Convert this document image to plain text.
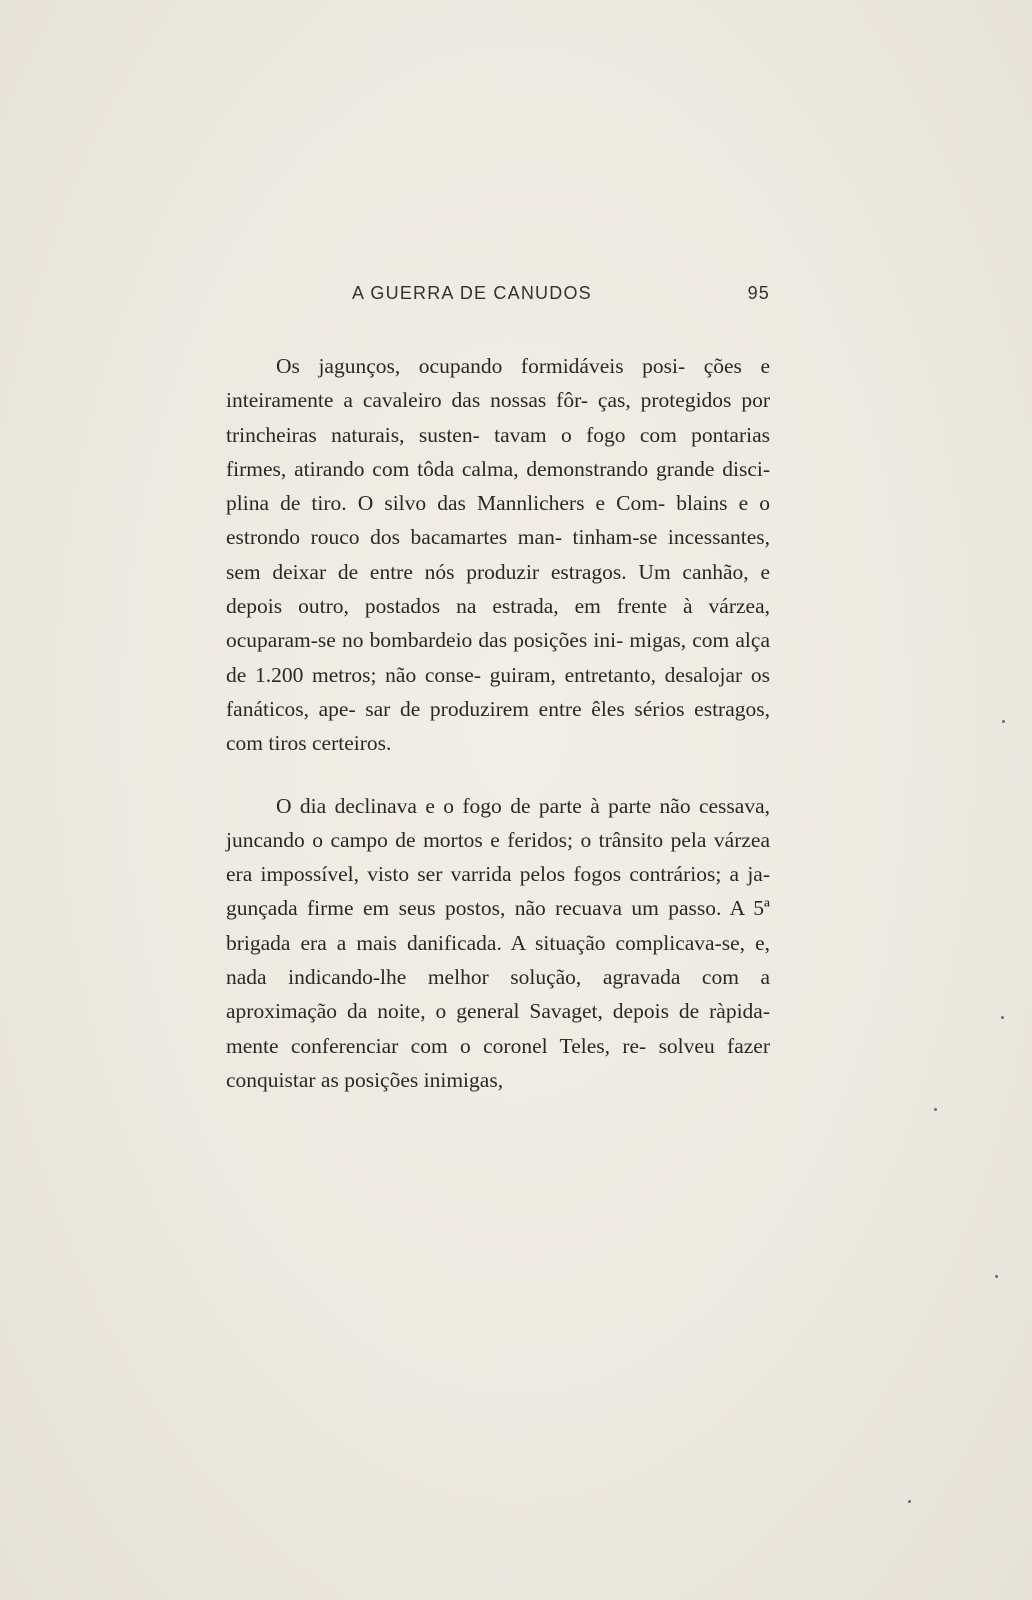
A GUERRA DE CANUDOS	95

Os jagunços, ocupando formidáveis posi- ções e inteiramente a cavaleiro das nossas fôr- ças, protegidos por trincheiras naturais, susten- tavam o fogo com pontarias firmes, atirando com tôda calma, demonstrando grande disci- plina de tiro. O silvo das Mannlichers e Com- blains e o estrondo rouco dos bacamartes man- tinham-se incessantes, sem deixar de entre nós produzir estragos. Um canhão, e depois outro, postados na estrada, em frente à várzea, ocuparam-se no bombardeio das posições ini- migas, com alça de 1.200 metros; não conse- guiram, entretanto, desalojar os fanáticos, ape- sar de produzirem entre êles sérios estragos, com tiros certeiros.

O dia declinava e o fogo de parte à parte não cessava, juncando o campo de mortos e feridos; o trânsito pela várzea era impossível, visto ser varrida pelos fogos contrários; a ja- gunçada firme em seus postos, não recuava um passo. A 5ª brigada era a mais danificada. A situação complicava-se, e, nada indicando-lhe melhor solução, agravada com a aproximação da noite, o general Savaget, depois de ràpida- mente conferenciar com o coronel Teles, re- solveu fazer conquistar as posições inimigas,
